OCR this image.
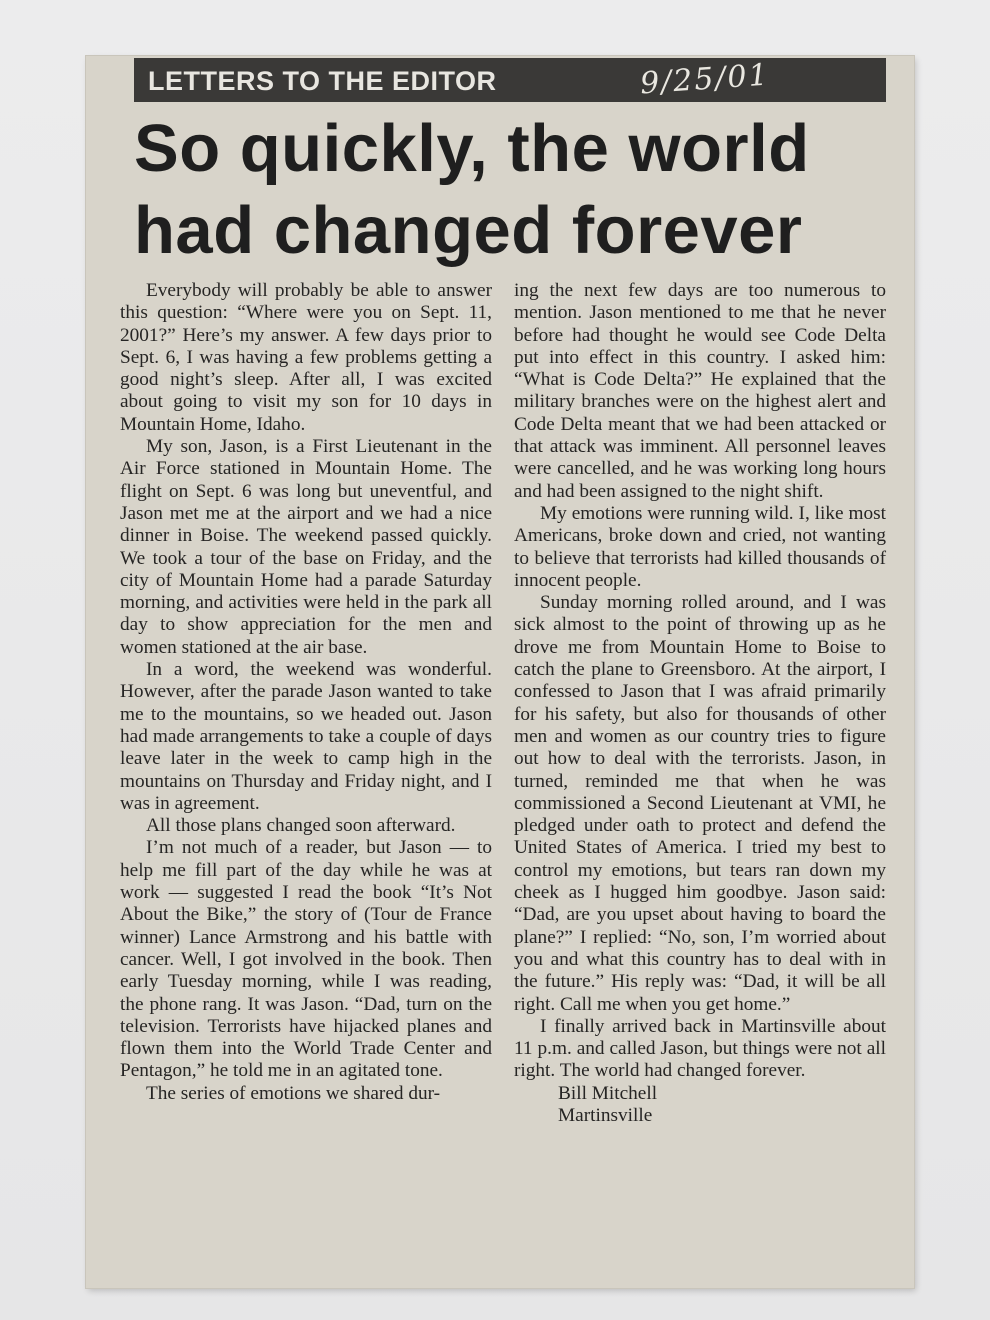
LETTERS TO THE EDITOR	9/25/01
So quickly, the world had changed forever

Everybody will probably be able to answer this question: “Where were you on Sept. 11, 2001?” Here’s my answer. A few days prior to Sept. 6, I was having a few problems getting a good night’s sleep. After all, I was excited about going to visit my son for 10 days in Mountain Home, Idaho.

My son, Jason, is a First Lieutenant in the Air Force stationed in Mountain Home. The flight on Sept. 6 was long but uneventful, and Jason met me at the airport and we had a nice dinner in Boise. The weekend passed quickly. We took a tour of the base on Friday, and the city of Mountain Home had a parade Saturday morning, and activities were held in the park all day to show appreciation for the men and women stationed at the air base.

In a word, the weekend was wonderful. However, after the parade Jason wanted to take me to the mountains, so we headed out. Jason had made arrangements to take a couple of days leave later in the week to camp high in the mountains on Thursday and Friday night, and I was in agreement.

All those plans changed soon afterward.

I’m not much of a reader, but Jason — to help me fill part of the day while he was at work — suggested I read the book “It’s Not About the Bike,” the story of (Tour de France winner) Lance Armstrong and his battle with cancer. Well, I got involved in the book. Then early Tuesday morning, while I was reading, the phone rang. It was Jason. “Dad, turn on the television. Terrorists have hijacked planes and flown them into the World Trade Center and Pentagon,” he told me in an agitated tone.

The series of emotions we shared dur-

ing the next few days are too numerous to mention. Jason mentioned to me that he never before had thought he would see Code Delta put into effect in this country. I asked him: “What is Code Delta?” He explained that the military branches were on the highest alert and Code Delta meant that we had been attacked or that attack was imminent. All personnel leaves were cancelled, and he was working long hours and had been assigned to the night shift.

My emotions were running wild. I, like most Americans, broke down and cried, not wanting to believe that terrorists had killed thousands of innocent people.

Sunday morning rolled around, and I was sick almost to the point of throwing up as he drove me from Mountain Home to Boise to catch the plane to Greensboro. At the airport, I confessed to Jason that I was afraid primarily for his safety, but also for thousands of other men and women as our country tries to figure out how to deal with the terrorists. Jason, in turned, reminded me that when he was commissioned a Second Lieutenant at VMI, he pledged under oath to protect and defend the United States of America. I tried my best to control my emotions, but tears ran down my cheek as I hugged him goodbye. Jason said: “Dad, are you upset about having to board the plane?” I replied: “No, son, I’m worried about you and what this country has to deal with in the future.” His reply was: “Dad, it will be all right. Call me when you get home.”

I finally arrived back in Martinsville about 11 p.m. and called Jason, but things were not all right. The world had changed forever.

Bill Mitchell

Martinsville
